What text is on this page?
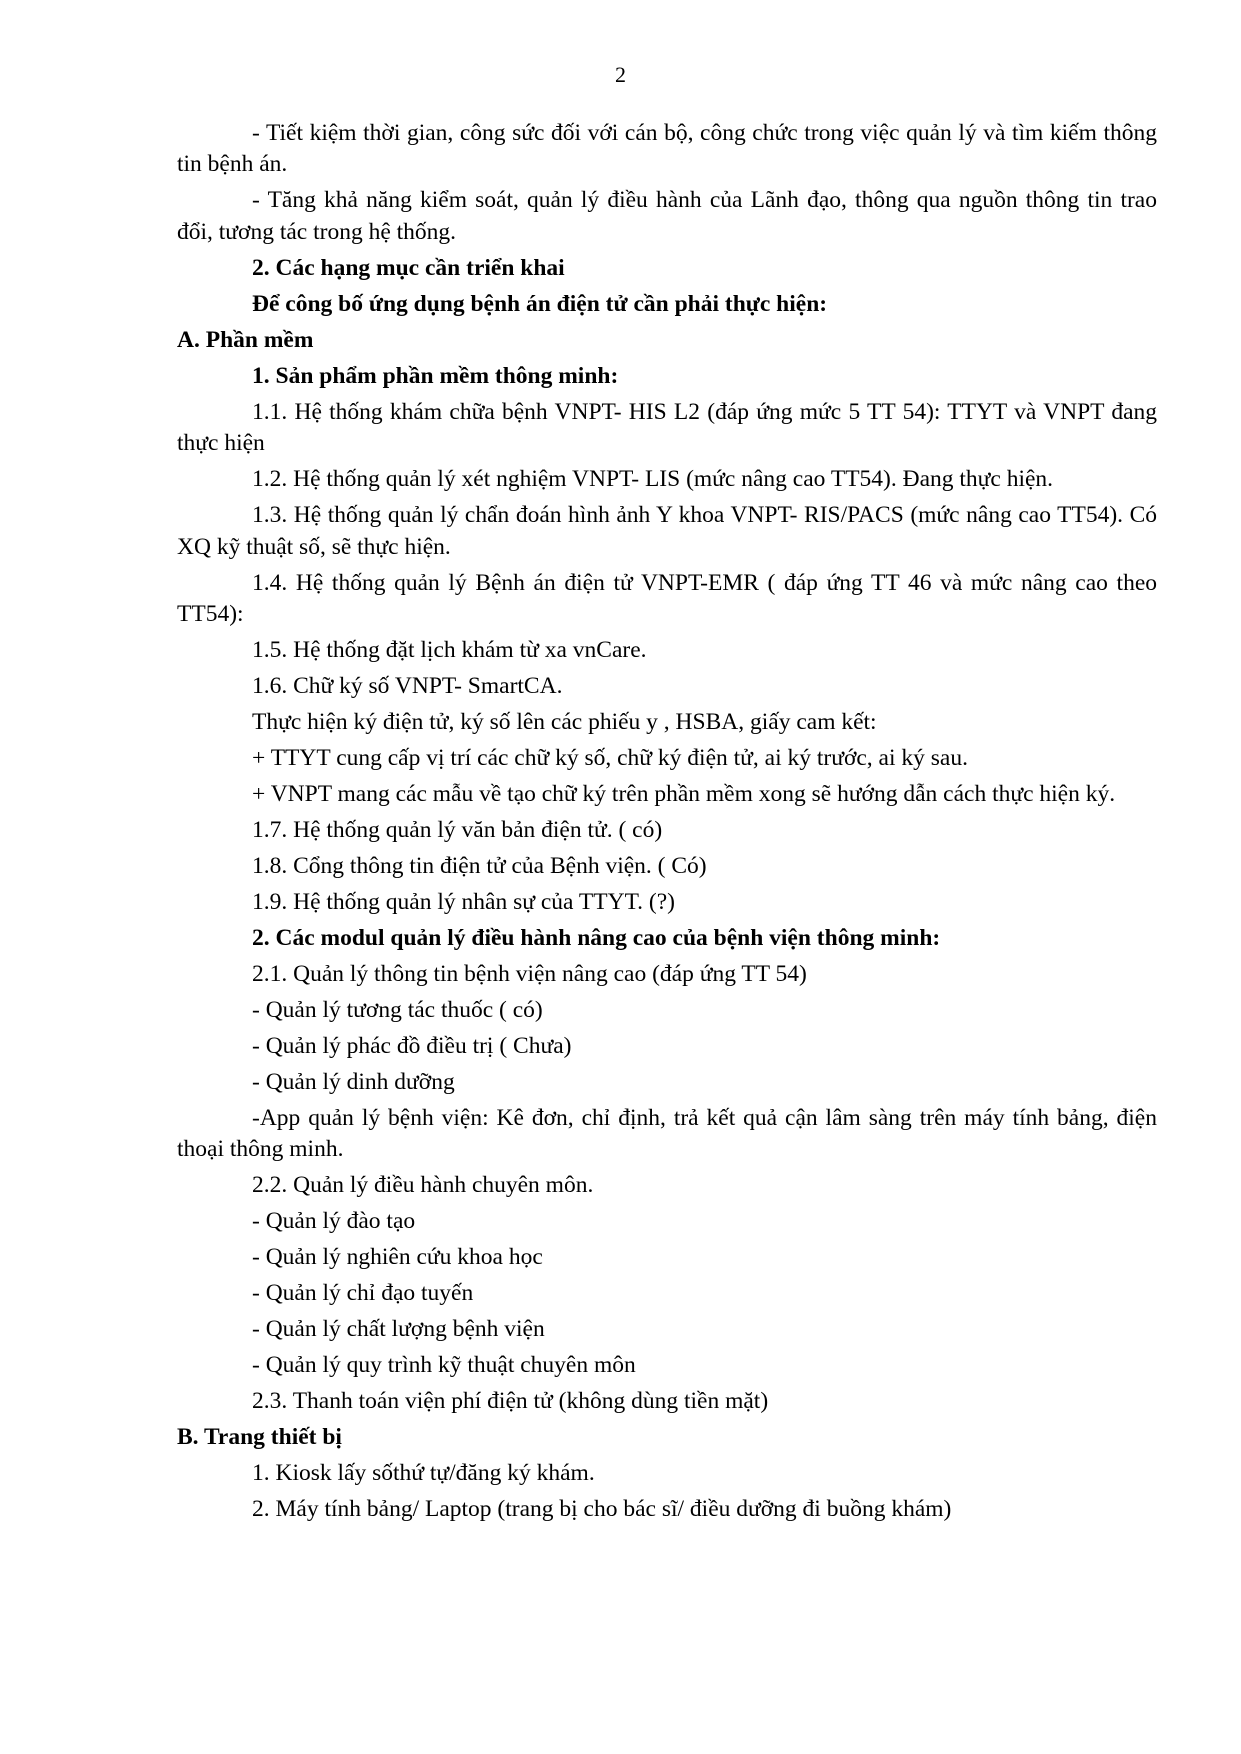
2

- Tiết kiệm thời gian, công sức đối với cán bộ, công chức trong việc quản lý và tìm kiếm thông tin bệnh án.

- Tăng khả năng kiểm soát, quản lý điều hành của Lãnh đạo, thông qua nguồn thông tin trao đổi, tương tác trong hệ thống.

2. Các hạng mục cần triển khai

Để công bố ứng dụng bệnh án điện tử cần phải thực hiện:

A. Phần mềm

1. Sản phẩm phần mềm thông minh:

1.1. Hệ thống khám chữa bệnh VNPT- HIS L2 (đáp ứng mức 5 TT 54): TTYT và VNPT đang thực hiện

1.2. Hệ thống quản lý xét nghiệm VNPT- LIS (mức nâng cao TT54). Đang thực hiện.

1.3. Hệ thống quản lý chẩn đoán hình ảnh Y khoa VNPT- RIS/PACS (mức nâng cao TT54). Có XQ kỹ thuật số, sẽ thực hiện.

1.4. Hệ thống quản lý Bệnh án điện tử VNPT-EMR ( đáp ứng TT 46 và mức nâng cao theo TT54):

1.5. Hệ thống đặt lịch khám từ xa vnCare.

1.6. Chữ ký số VNPT- SmartCA.

Thực hiện ký điện tử, ký số lên các phiếu y , HSBA, giấy cam kết:

+ TTYT cung cấp vị trí các chữ ký số, chữ ký điện tử, ai ký trước, ai ký sau.

+ VNPT mang các mẫu về tạo chữ ký trên phần mềm xong sẽ hướng dẫn cách thực hiện ký.

1.7. Hệ thống quản lý văn bản điện tử. ( có)

1.8. Cổng thông tin điện tử của Bệnh viện. ( Có)

1.9. Hệ thống quản lý nhân sự của TTYT. (?)

2. Các modul quản lý điều hành nâng cao của bệnh viện thông minh:

2.1. Quản lý thông tin bệnh viện nâng cao (đáp ứng TT 54)

- Quản lý tương tác thuốc ( có)

- Quản lý phác đồ điều trị ( Chưa)

- Quản lý dinh dưỡng

-App quản lý bệnh viện: Kê đơn, chỉ định, trả kết quả cận lâm sàng trên máy tính bảng, điện thoại thông minh.

2.2. Quản lý điều hành chuyên môn.

- Quản lý đào tạo

- Quản lý nghiên cứu khoa học

- Quản lý chỉ đạo tuyến

- Quản lý chất lượng bệnh viện

- Quản lý quy trình kỹ thuật chuyên môn

2.3. Thanh toán viện phí điện tử (không dùng tiền mặt)

B. Trang thiết bị

1. Kiosk lấy sốthứ tự/đăng ký khám.

2. Máy tính bảng/ Laptop (trang bị cho bác sĩ/ điều dưỡng đi buồng khám)
